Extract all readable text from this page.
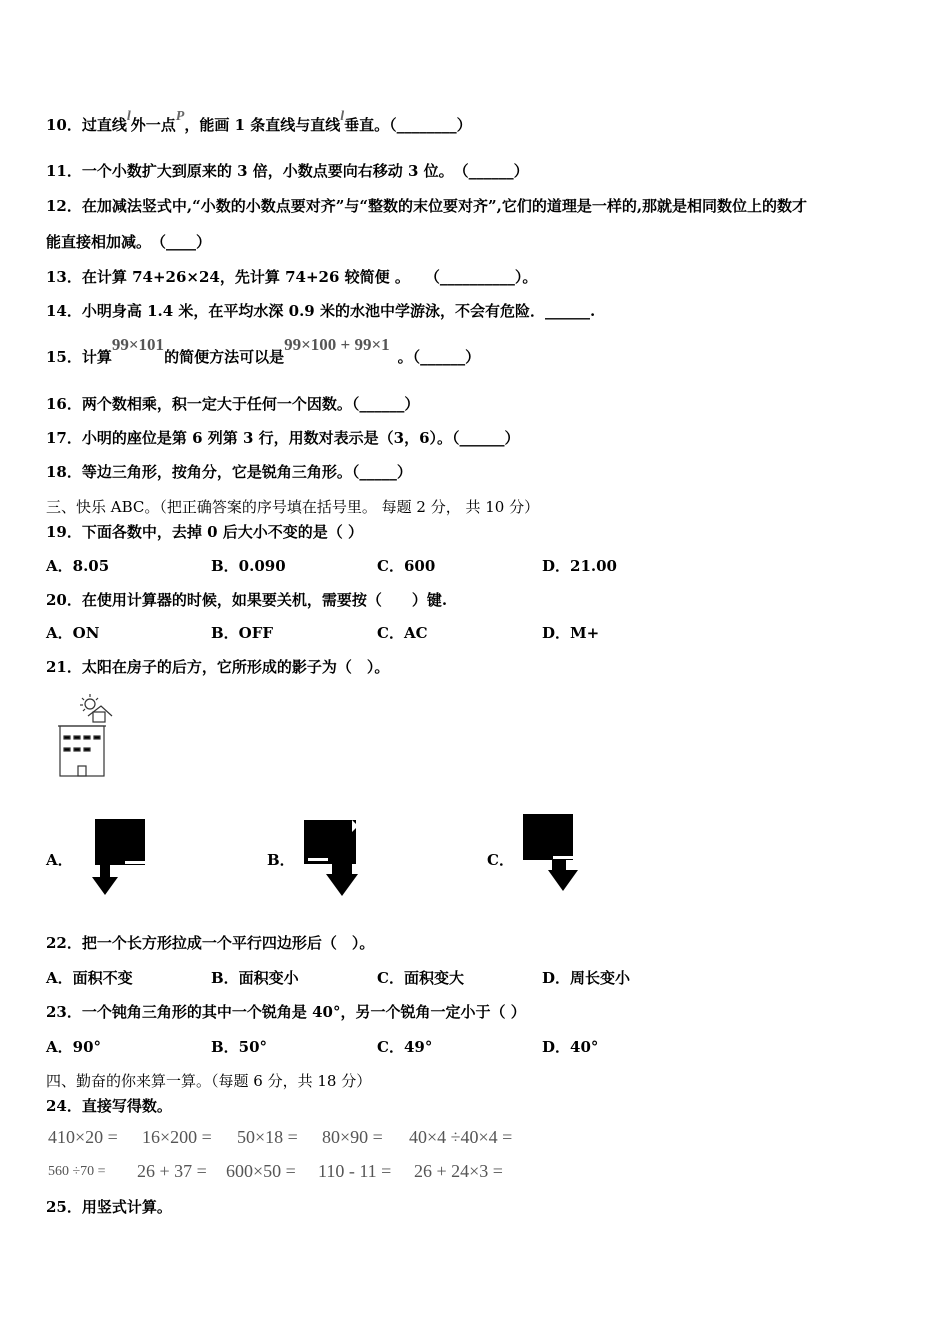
10．过直线l外一点P，能画 1 条直线与直线l垂直。（________）
11．一个小数扩大到原来的 3 倍，小数点要向右移动 3 位。　（______）
12．在加减法竖式中,“小数的小数点要对齐”与“整数的末位要对齐”,它们的道理是一样的,那就是相同数位上的数才
能直接相加减。　（____）
13．在计算 74+26×24，先计算 74+26 较简便 。　　（__________）。
14．小明身高 1.4 米，在平均水深 0.9 米的水池中学游泳，不会有危险．______.
15．计算99×101的简便方法可以是99×100 + 99×1。（______）
16．两个数相乘，积一定大于任何一个因数。（______）
17．小明的座位是第 6 列第 3 行，用数对表示是（3，6）。（______）
18．等边三角形，按角分，它是锐角三角形。（_____）
三、快乐 ABC。（把正确答案的序号填在括号里。 每题 2 分， 共 10 分）
19．下面各数中，去掉 0 后大小不变的是（ ）
A．8.05	B．0.090	C．600	D．21.00
20．在使用计算器的时候，如果要关机，需要按（　　）键.
A．ON	B．OFF	C．AC	D．M+
21．太阳在房子的后方，它所形成的影子为（　）。
A．	B．	C．
22．把一个长方形拉成一个平行四边形后（　）。
A．面积不变	B．面积变小	C．面积变大	D．周长变小
23．一个钝角三角形的其中一个锐角是 40°，另一个锐角一定小于（ ）
A．90°	B．50°	C．49°	D．40°
四、勤奋的你来算一算。（每题 6 分，共 18 分）
24．直接写得数。
410×20 = 16×200 = 50×18 = 80×90 = 40×4 ÷40×4 =
560 ÷70 = 26 + 37 = 600×50 = 110 - 11 = 26 + 24×3 =
25．用竖式计算。
